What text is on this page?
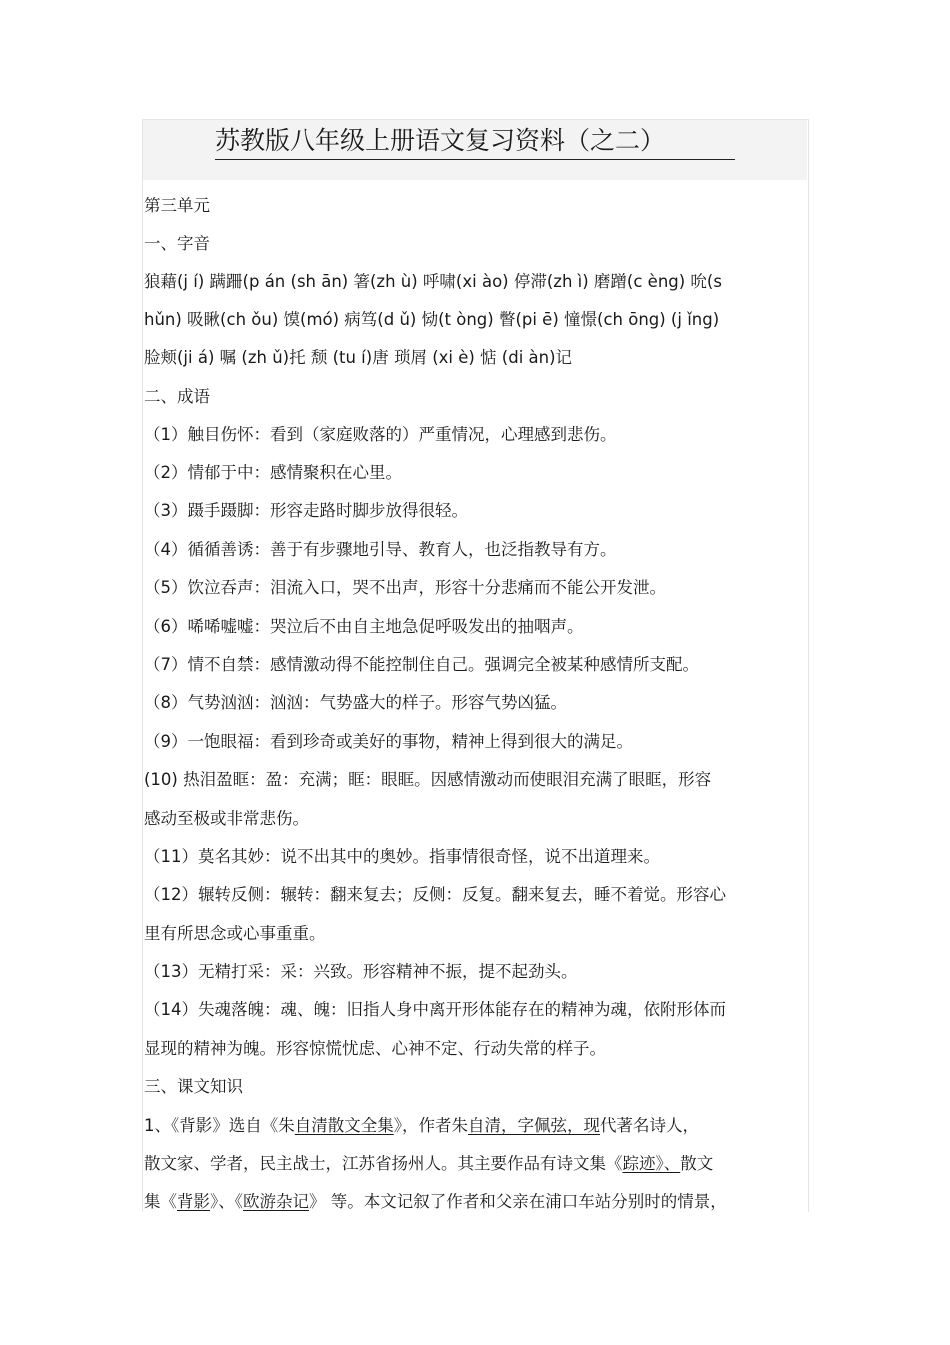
苏教版八年级上册语文复习资料（之二）
第三单元
一、字音
狼藉(j í) 蹒跚(p án (sh ān) 箸(zh ù) 呼啸(xi ào) 停滞(zh ì) 磨蹭(c èng) 吮(s
hǔn) 吸瞅(ch ǒu) 馍(mó) 病笃(d ǔ) 恸(t òng) 瞥(pi ē) 憧憬(ch ōng) (j ǐng)
脸颊(ji á) 嘱 (zh ǔ)托 颓 (tu í)唐 琐屑 (xi è) 惦 (di àn)记
二、成语
（1）触目伤怀：看到（家庭败落的）严重情况，心理感到悲伤。
（2）情郁于中：感情聚积在心里。
（3）蹑手蹑脚：形容走路时脚步放得很轻。
（4）循循善诱：善于有步骤地引导、教育人，也泛指教导有方。
（5）饮泣吞声：泪流入口，哭不出声，形容十分悲痛而不能公开发泄。
（6）唏唏嘘嘘：哭泣后不由自主地急促呼吸发出的抽咽声。
（7）情不自禁：感情激动得不能控制住自己。强调完全被某种感情所支配。
（8）气势汹汹：汹汹：气势盛大的样子。形容气势凶猛。
（9）一饱眼福：看到珍奇或美好的事物，精神上得到很大的满足。
(10) 热泪盈眶：盈：充满；眶：眼眶。因感情激动而使眼泪充满了眼眶，形容
感动至极或非常悲伤。
（11）莫名其妙：说不出其中的奥妙。指事情很奇怪，说不出道理来。
（12）辗转反侧：辗转：翻来复去；反侧：反复。翻来复去，睡不着觉。形容心
里有所思念或心事重重。
（13）无精打采：采：兴致。形容精神不振，提不起劲头。
（14）失魂落魄：魂、魄：旧指人身中离开形体能存在的精神为魂，依附形体而
显现的精神为魄。形容惊慌忧虑、心神不定、行动失常的样子。
三、课文知识
1、《背影》选自《朱自清散文全集》，作者朱自清，字佩弦，现代著名诗人，
散文家、学者，民主战士，江苏省扬州人。其主要作品有诗文集《踪迹》、散文
集《背影》、《欧游杂记》 等。本文记叙了作者和父亲在浦口车站分别时的情景，
